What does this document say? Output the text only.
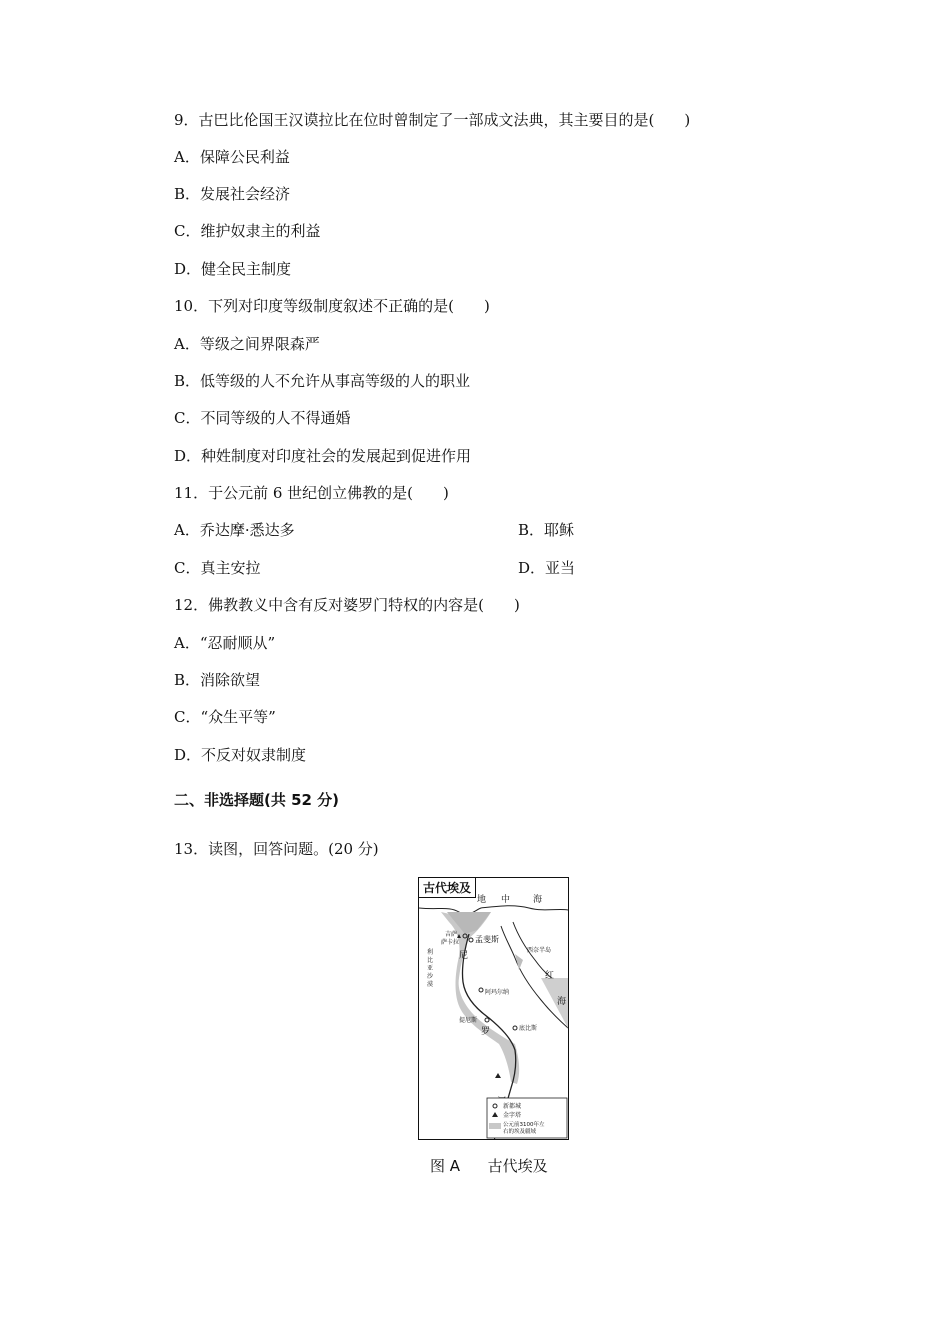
9．古巴比伦国王汉谟拉比在位时曾制定了一部成文法典，其主要目的是(　　)
A．保障公民利益
B．发展社会经济
C．维护奴隶主的利益
D．健全民主制度
10．下列对印度等级制度叙述不正确的是(　　)
A．等级之间界限森严
B．低等级的人不允许从事高等级的人的职业
C．不同等级的人不得通婚
D．种姓制度对印度社会的发展起到促进作用
11．于公元前 6 世纪创立佛教的是(　　)
A．乔达摩·悉达多	B．耶稣
C．真主安拉	D．亚当
12．佛教教义中含有反对婆罗门特权的内容是(　　)
A．“忍耐顺从”
B．消除欲望
C．“众生平等”
D．不反对奴隶制度
二、非选择题(共 52 分)
13．读图，回答问题。(20 分)
地 中	海
吉萨
萨卡拉 孟斐斯
西奈半岛
利
比
亚
沙
漠
尼
阿玛尔纳
提尼斯
罗	底比斯
红
海
新都城
金字塔
公元前3100年左右的埃及疆域
古代埃及
图 A 古代埃及
